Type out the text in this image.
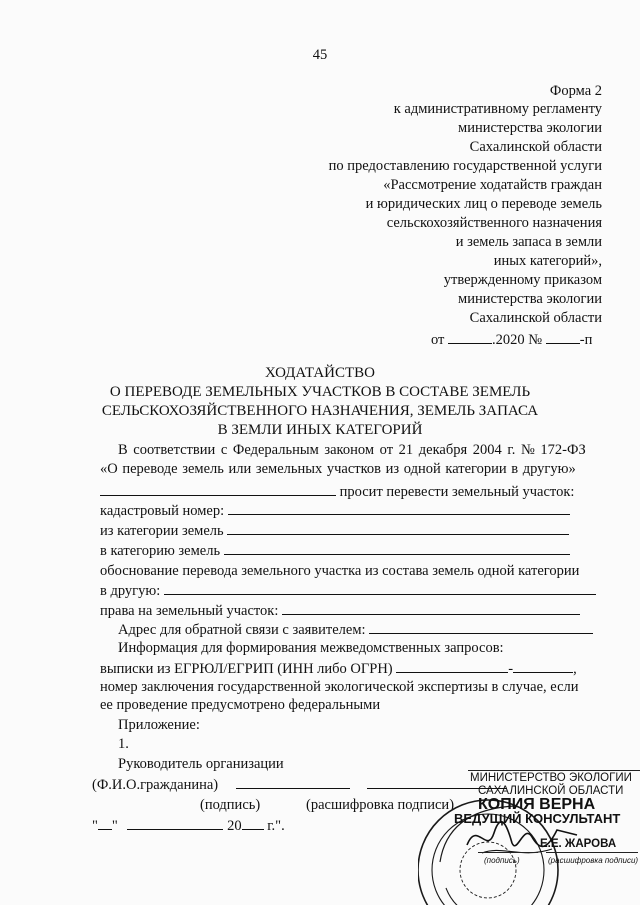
45
Форма 2
к административному регламенту
министерства экологии
Сахалинской области
по предоставлению государственной услуги
«Рассмотрение ходатайств граждан
и юридических лиц о переводе земель
сельскохозяйственного назначения
и земель запаса в земли
иных категорий»,
утвержденному приказом
министерства экологии
Сахалинской области
от	.2020 №	-п
ХОДАТАЙСТВО
О ПЕРЕВОДЕ ЗЕМЕЛЬНЫХ УЧАСТКОВ В СОСТАВЕ ЗЕМЕЛЬ
СЕЛЬСКОХОЗЯЙСТВЕННОГО НАЗНАЧЕНИЯ, ЗЕМЕЛЬ ЗАПАСА
В ЗЕМЛИ ИНЫХ КАТЕГОРИЙ
В соответствии с Федеральным законом от 21 декабря 2004 г. № 172-ФЗ
«О переводе земель или земельных участков из одной категории в другую»
просит перевести земельный участок:
кадастровый номер:
из категории земель
в категорию земель
обоснование перевода земельного участка из состава земель одной категории
в другую:
права на земельный участок:
Адрес для обратной связи с заявителем:
Информация для формирования межведомственных запросов:
выписки из ЕГРЮЛ/ЕГРИП (ИНН либо ОГРН)	-	,
номер заключения государственной экологической экспертизы в случае, если
ее проведение предусмотрено федеральными
Приложение:
1.
Руководитель организации
(Ф.И.О.гражданина)
(подпись)	(расшифровка подписи)
" "	20 г.".
МИНИСТЕРСТВО ЭКОЛОГИИ
САХАЛИНСКОЙ ОБЛАСТИ
КОПИЯ ВЕРНА
ВЕДУЩИЙ КОНСУЛЬТАНТ
Е.Е. ЖАРОВА
(подпись)	(расшифровка подписи)
